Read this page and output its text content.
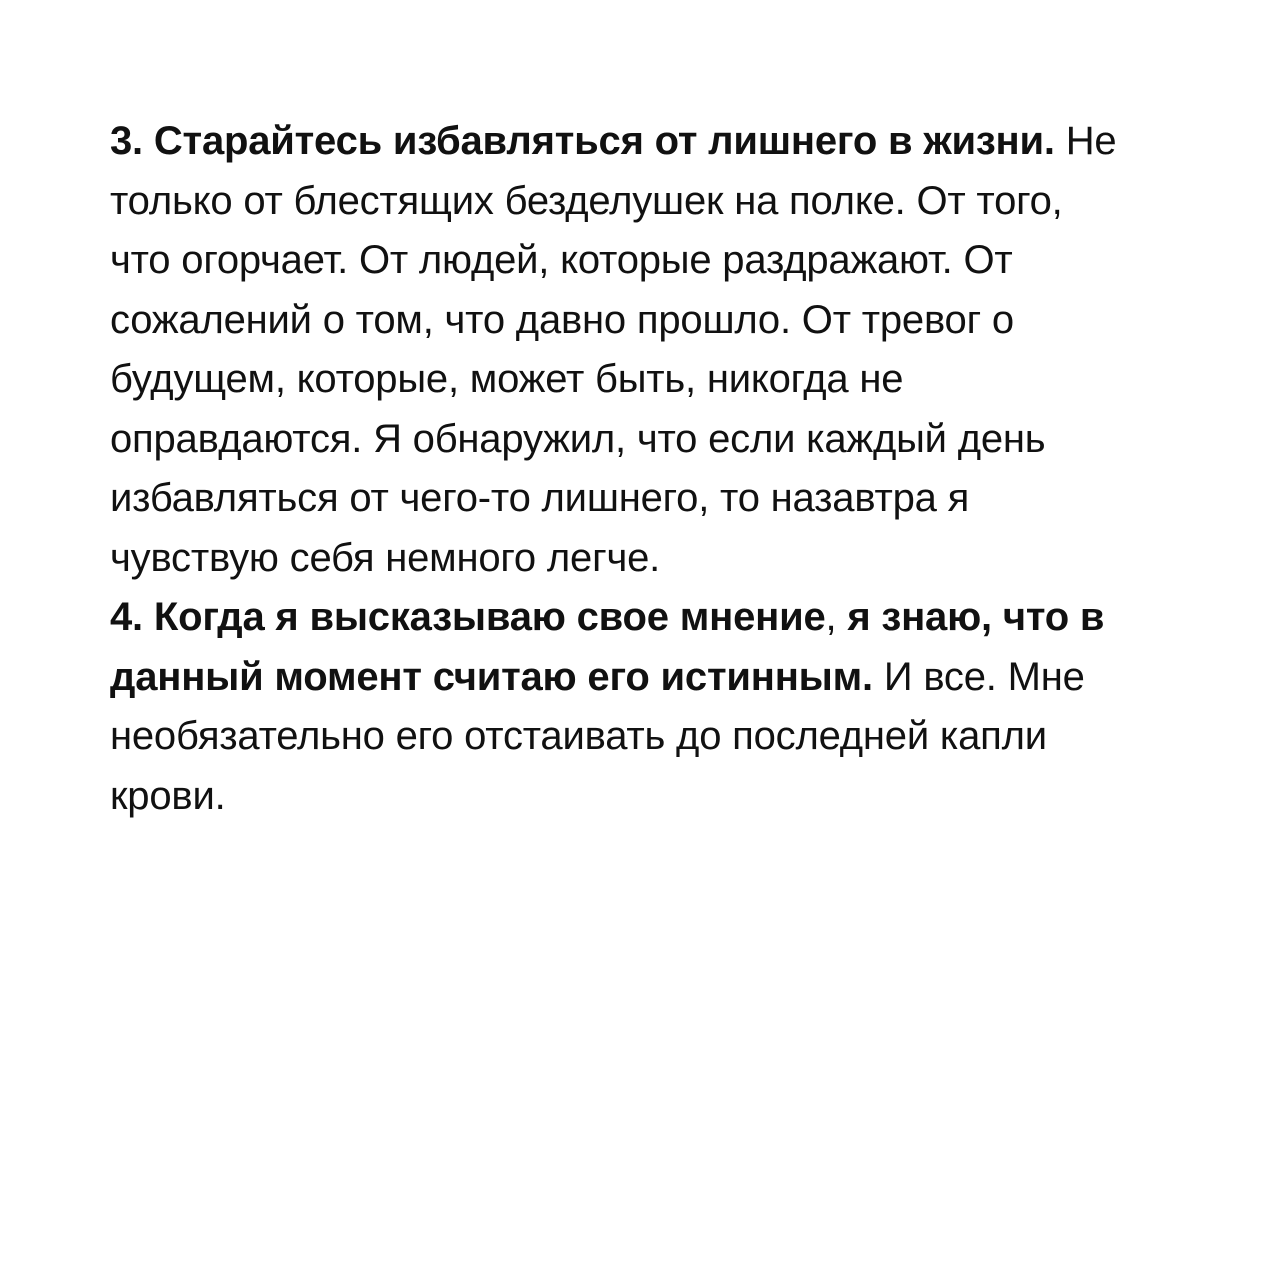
3. Старайтесь избавляться от лишнего в жизни. Не
только от блестящих безделушек на полке. От того,
что огорчает. От людей, которые раздражают. От
сожалений о том, что давно прошло. От тревог о
будущем, которые, может быть, никогда не
оправдаются. Я обнаружил, что если каждый день
избавляться от чего-то лишнего, то назавтра я
чувствую себя немного легче.
4. Когда я высказываю свое мнение, я знаю, что в
данный момент считаю его истинным. И все. Мне
необязательно его отстаивать до последней капли
крови.
